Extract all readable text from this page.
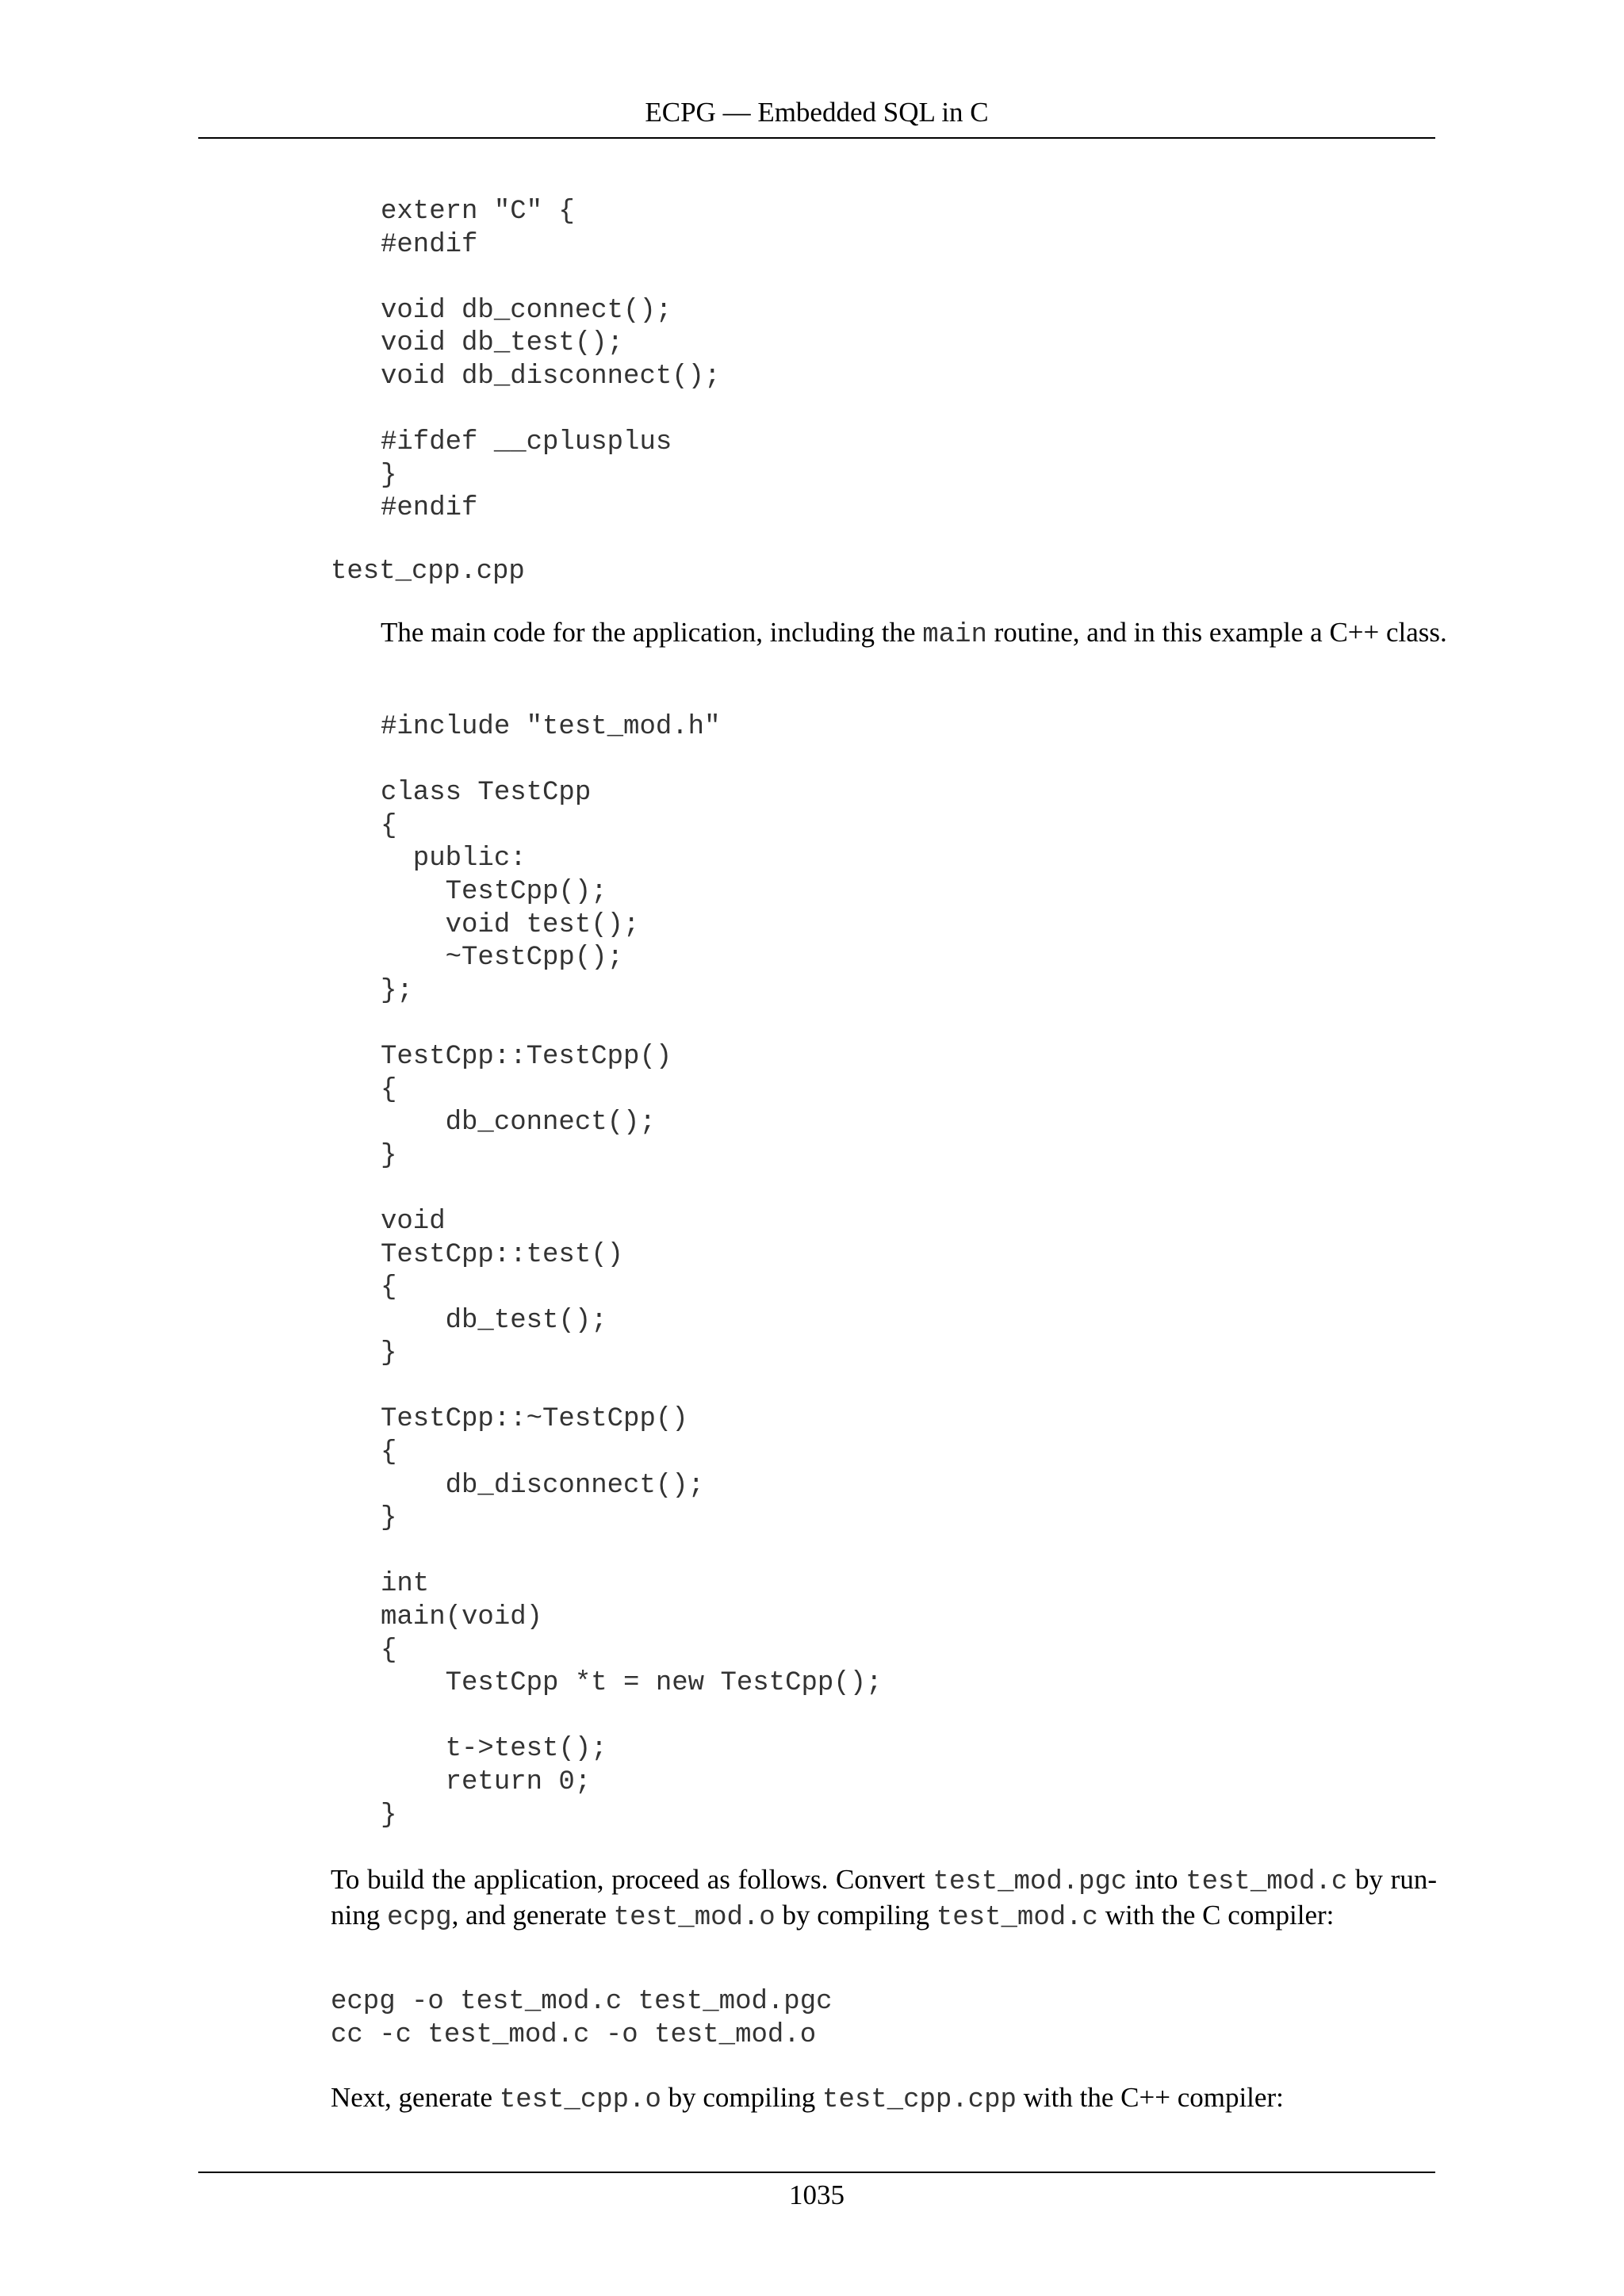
ECPG — Embedded SQL in C
extern "C" {
#endif

void db_connect();
void db_test();
void db_disconnect();

#ifdef __cplusplus
}
#endif
test_cpp.cpp

The main code for the application, including the main routine, and in this example a C++ class.

#include "test_mod.h"

class TestCpp
{
public:
TestCpp();
void test();
~TestCpp();
};

TestCpp::TestCpp()
{
db_connect();
}

void
TestCpp::test()
{
db_test();
}

TestCpp::~TestCpp()
{
db_disconnect();
}

int
main(void)
{
TestCpp *t = new TestCpp();

t->test();
return 0;
}

To build the application, proceed as follows. Convert test_mod.pgc into test_mod.c by run-ning ecpg, and generate test_mod.o by compiling test_mod.c with the C compiler:

ecpg -o test_mod.c test_mod.pgc
cc -c test_mod.c -o test_mod.o

Next, generate test_cpp.o by compiling test_cpp.cpp with the C++ compiler:

1035
